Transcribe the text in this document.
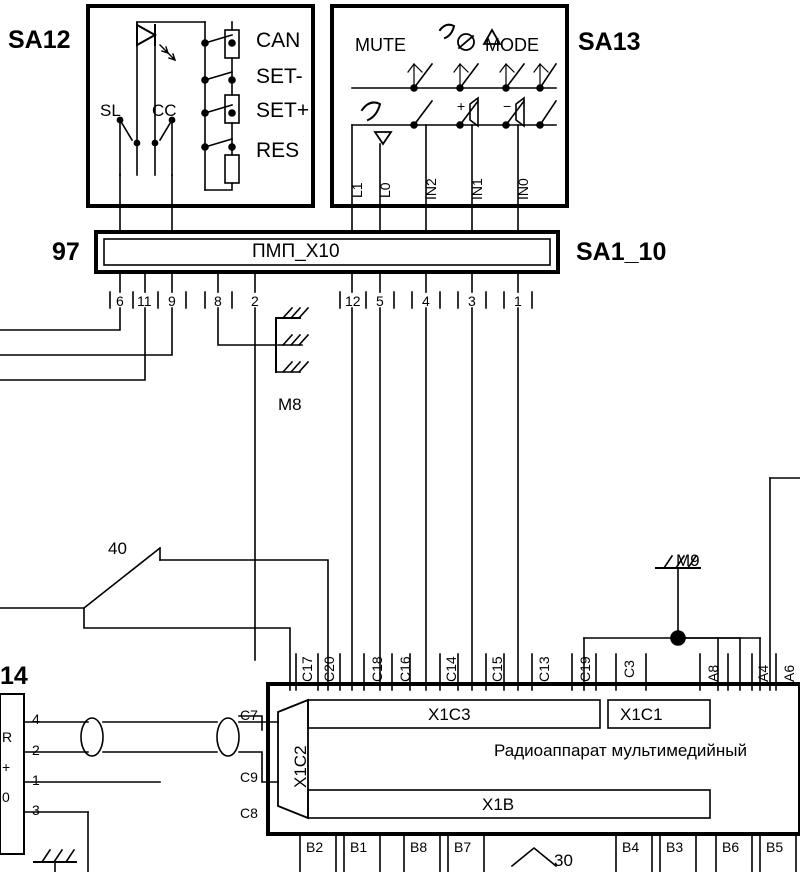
SA12	SA13
SL CC
CAN
SET-
SET+
RES
MUTE	MODE
+	−
L1 L0 IN2 IN1 IN0
97	ПМП_X10	SA1_10
6 11 9	8 2	12 5	4	3	1
M8
M9
40
30
14
4
2
1
3
R
+
0
C7
C9
C8
X1C3	X1C1
X1C2
X1B
Радиоаппарат мультимедийный
C17 C20 C18 C16 C14 C15 C13 C19 C3	A8 A4 A6
B2 B1	B8 B7	B4 B3	B6 B5
